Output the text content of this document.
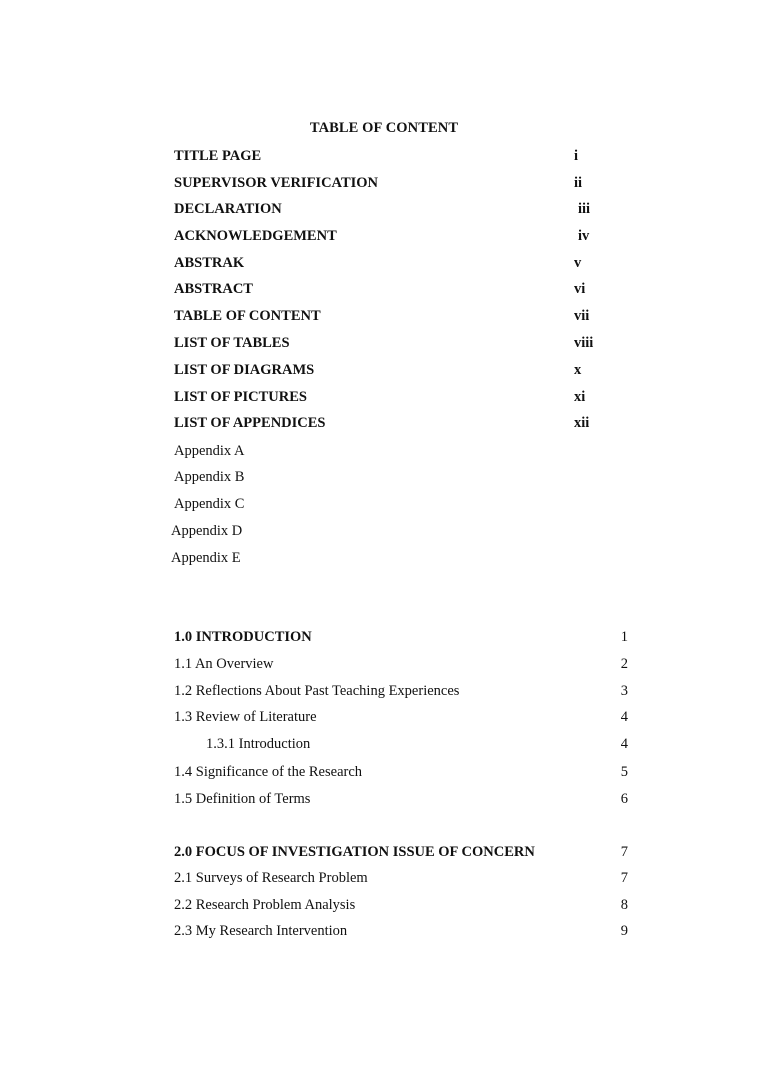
TABLE OF CONTENT
TITLE PAGE	i
SUPERVISOR VERIFICATION	ii
DECLARATION	iii
ACKNOWLEDGEMENT	iv
ABSTRAK	v
ABSTRACT	vi
TABLE OF CONTENT	vii
LIST OF TABLES	viii
LIST OF DIAGRAMS	x
LIST OF PICTURES	xi
LIST OF APPENDICES	xii
Appendix A
Appendix B
Appendix C
Appendix D
Appendix E
1.0 INTRODUCTION	1
1.1 An Overview	2
1.2 Reflections About Past Teaching Experiences	3
1.3 Review of Literature	4
1.3.1 Introduction	4
1.4 Significance of the Research	5
1.5 Definition of Terms	6
2.0 FOCUS OF INVESTIGATION ISSUE OF CONCERN	7
2.1 Surveys of Research Problem	7
2.2 Research Problem Analysis	8
2.3 My Research Intervention	9
